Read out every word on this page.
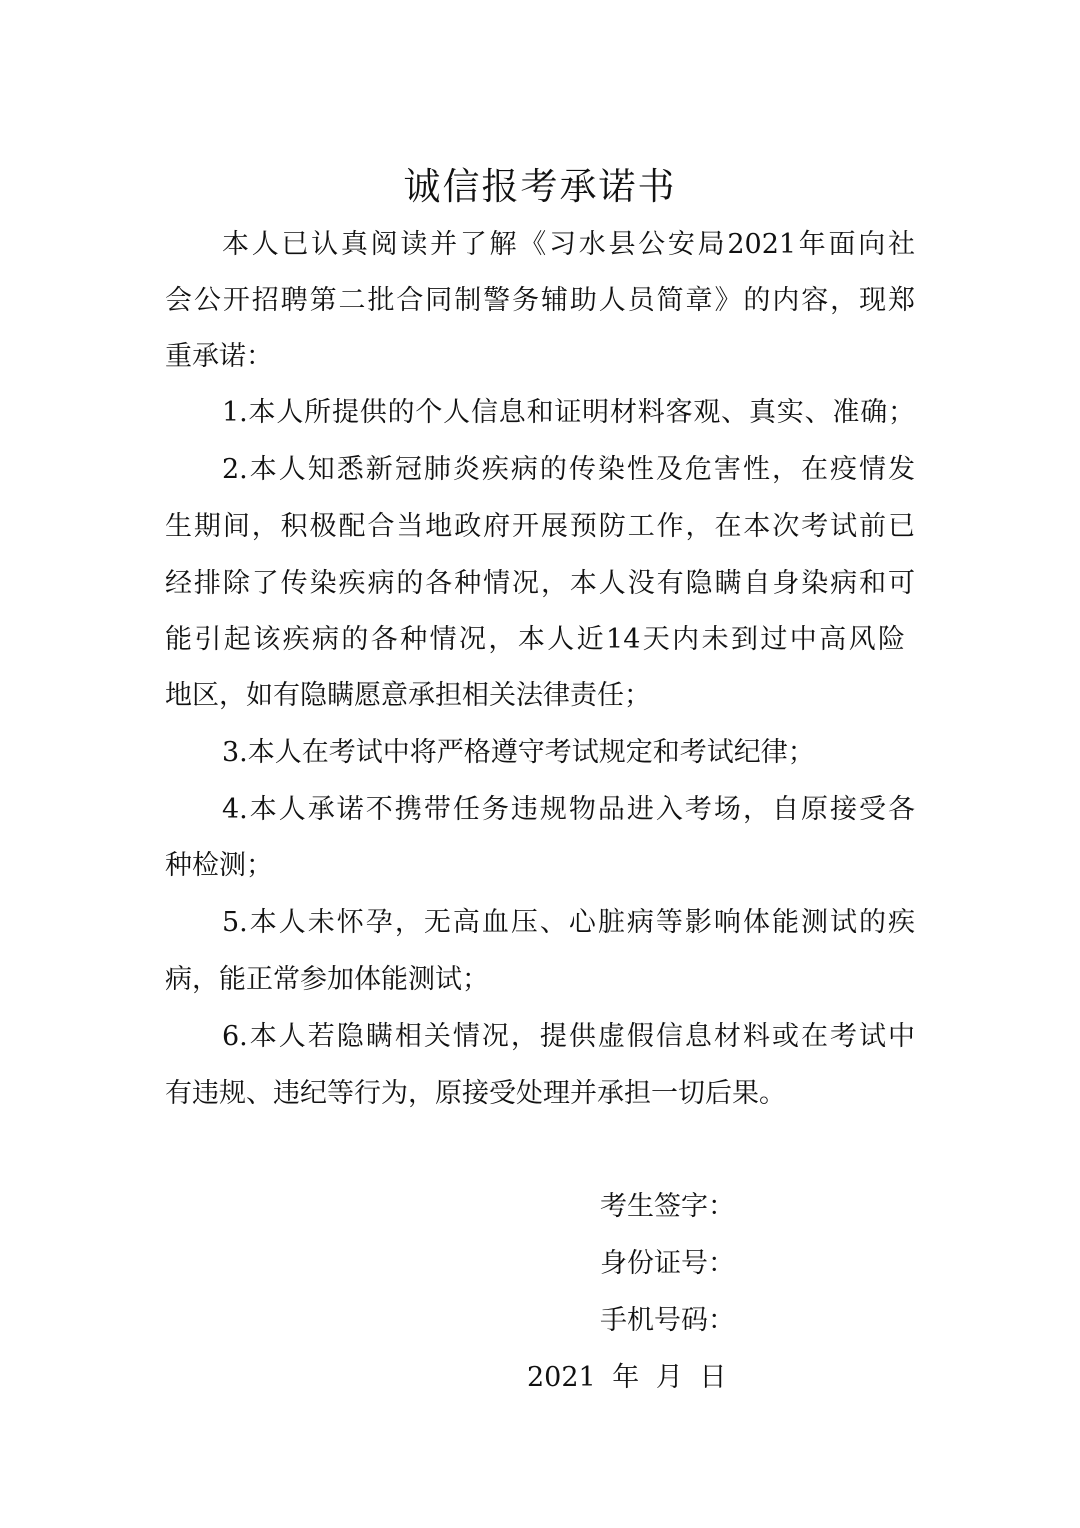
诚信报考承诺书
本人已认真阅读并了解《习水县公安局2021年面向社
会公开招聘第二批合同制警务辅助人员简章》的内容，现郑
重承诺：
1.本人所提供的个人信息和证明材料客观、真实、准确；
2.本人知悉新冠肺炎疾病的传染性及危害性，在疫情发
生期间，积极配合当地政府开展预防工作，在本次考试前已
经排除了传染疾病的各种情况，本人没有隐瞒自身染病和可
能引起该疾病的各种情况，本人近14天内未到过中高风险
地区，如有隐瞒愿意承担相关法律责任；
3.本人在考试中将严格遵守考试规定和考试纪律；
4.本人承诺不携带任务违规物品进入考场，自原接受各
种检测；
5.本人未怀孕，无高血压、心脏病等影响体能测试的疾
病，能正常参加体能测试；
6.本人若隐瞒相关情况，提供虚假信息材料或在考试中
有违规、违纪等行为，原接受处理并承担一切后果。
考生签字：
身份证号：
手机号码：
2021 年 月 日
